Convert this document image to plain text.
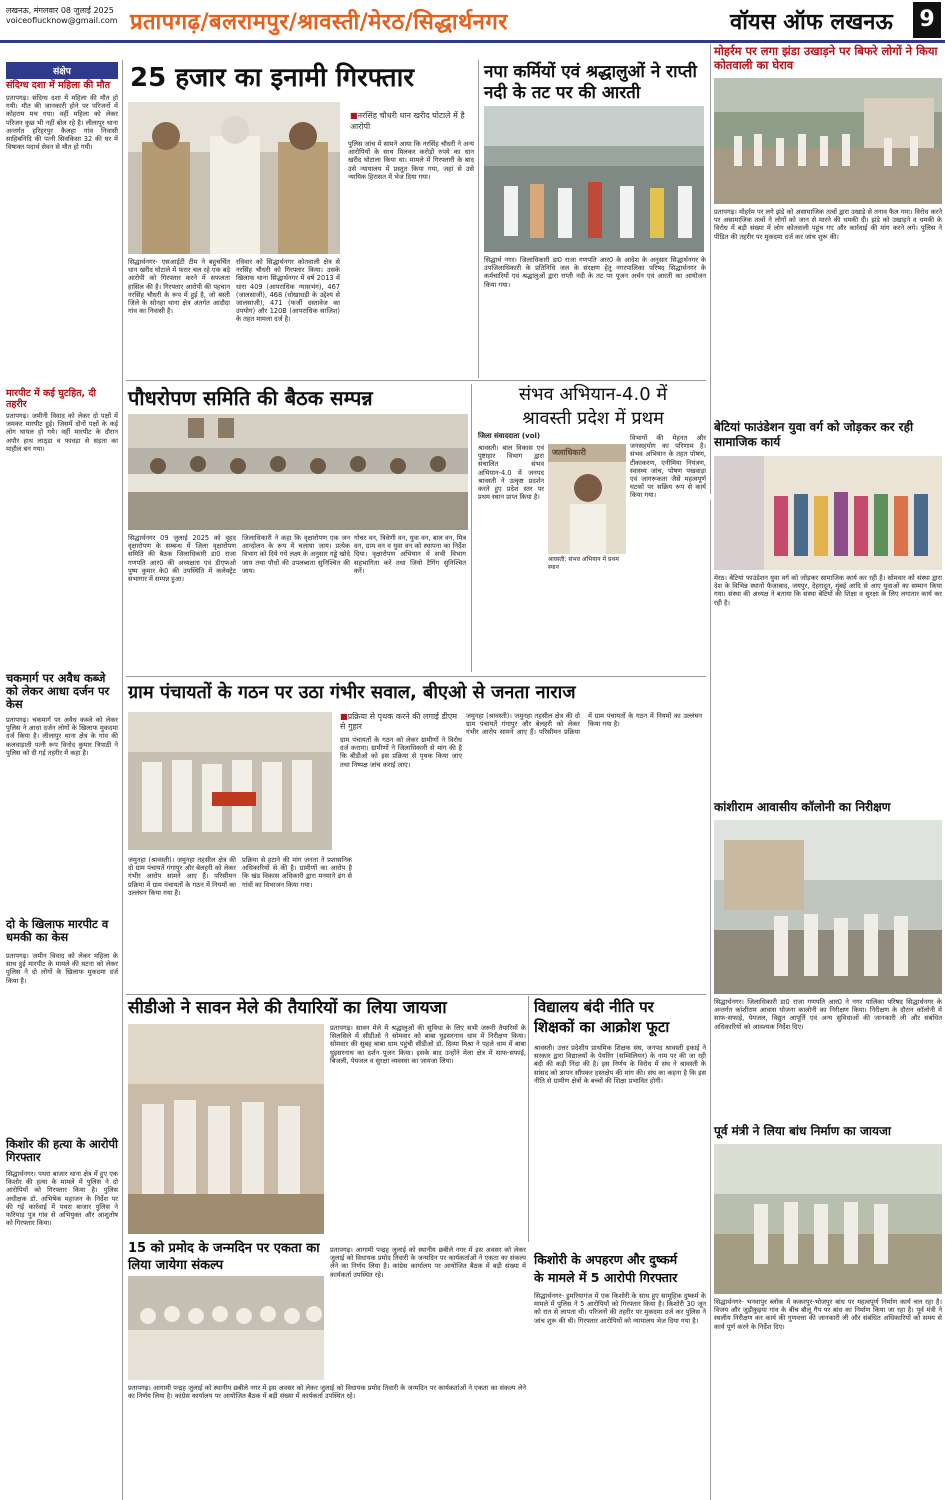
लखनऊ, मंगलवार 08 जुलाई 2025
voiceoflucknow@gmail.com प्रतापगढ़/बलरामपुर/श्रावस्ती/मेरठ/सिद्धार्थनगर	वॉयस ऑफ लखनऊ 9
संक्षेप
संदिग्ध दशा में महिला की मौत
प्रतापगढ़। संदिग्ध दशा में महिला की मौत हो गयी। मौत की जानकारी होने पर परिजनों में कोहराम मच गया। वहीं महिला को लेकर परिजन कुछ भी नहीं बोल रहे है। लीलापुर थाना अन्तर्गत हरिहरपुर कैलहा गांव निवासी साहिबनिदि की पत्नी सिवकिसा 32 की घर में विषाक्त पदार्थ सेवन से मौत हो गयी।
मारपीट में कई घुटहित, दी तहरीर
प्रतापगढ़। जमीनी विवाद को लेकर दो पक्षों में जमकर मारपीट हुई। जिसमें दोनों पक्षों के कई लोग घायल हो गये। वहीं मारपीट के दौरान अपौर हाथ लाठ्डा व फावड़ा से सड़ता का माहौल बन गया।
चकमार्ग पर अवैध कब्जे को लेकर आधा दर्जन पर केस
प्रतापगढ़। चकमार्ग पर अवैध कब्जे को लेकर पुलिस ने आधा दर्जन लोगों के खिलाफ मुकदमा दर्ज किया है। लीलापुर थाना क्षेत्र के गांव की कलवाड़ाती पत्नी रूप विनोद कुमार त्रिपाठी ने पुलिस को दी गई तहरीर में कहा है।
दो के खिलाफ मारपीट व धमकी का केस
प्रतापगढ़। जमीन विवाद को लेकर महिला के साथ हुई मारपीट के मामले की घटना को लेकर पुलिस ने दो लोगों के खिलाफ मुकदमा दर्ज किया है।
किशोर की हत्या के आरोपी गिरफ्तार
सिद्धार्थनगर। पथरा बाजार थाना क्षेत्र में हुए एक किशोर की हत्या के मामले में पुलिस ने दो आरोपियों को गिरफ्तार किया है। पुलिस अधीक्षक डॉ. अभिषेक महाजन के निर्देश पर की गई कार्रवाई में पथरा बाजार पुलिस ने फरियाड़ पुत्र गांव से अभियुक्त और आशुतोष को गिरफ्तार किया।
25 हजार का इनामी गिरफ्तार
■ नरसिंह चौधरी धान खरीद घोटाले में है आरोपी
सिद्धार्थनगर- एसआईटी टीम ने बहुचर्चित धान खरीद घोटाले में फरार चल रहे एक बड़े आरोपी को गिरफ्तार करने में सफलता हासिल की है। गिरफ्तार आरोपी की पहचान नरसिंह चौधरी के रूप में हुई है, जो बस्ती जिले के सोनहा थाना क्षेत्र अंतर्गत आदौदा गांव का निवासी है।
रविवार को सिद्धार्थनगर कोतवाली क्षेत्र से नरसिंह चौधरी को गिरफ्तार किया। उसके खिलाफ थाना सिद्धार्थनगर में वर्ष 2013 में धारा 409 (आपराधिक न्यासभंग), 467 (जालसाजी), 468 (धोखाधड़ी के उद्देश्य से जालसाजी), 471 (फर्जी दस्तावेज का उपयोग) और 120B (आपराधिक साजिश) के तहत मामला दर्ज है।
पुलिस जांच में सामने आया कि नरसिंह चौधरी ने अन्य आरोपियों के साथ मिलकर करोड़ों रुपये का धान खरीद घोटाला किया था। मामले में गिरफ्तारी के बाद उसे न्यायालय में प्रस्तुत किया गया, जहां से उसे न्यायिक हिरासत में भेज दिया गया।
नपा कर्मियों एवं श्रद्धालुओं ने राप्ती नदी के तट पर की आरती
सिद्धार्थ नगर। जिलाधिकारी डा0 राजा गणपति आर0 के आदेश के अनुसार सिद्धार्थनगर के उपजिलाधिकारी के प्रतिनिधि जल के संरक्षण हेतु नगरपालिका परिषद सिद्धार्थनगर के कर्मचारियों एवं श्रद्धालुओं द्वारा राप्ती नदी के तट पर पूजन अर्चन एवं आरती का आयोजन किया गया।
मोहर्रम पर लगा झंडा उखाड़ने पर बिफरे लोगों ने किया कोतवाली का घेराव
प्रतापगढ़। मोहर्रम पर लगे झंडे को असामाजिक तत्वों द्वारा उखाड़े से तनाव फैल गया। विरोध करने पर असामाजिक तत्वों ने लोगों को जान से मारने की धमकी दी। झंडे को उखाड़ने व धमकी के विरोध में बड़ी संख्या में लोग कोतवाली पहुंच गए और कार्रवाई की मांग करने लगे। पुलिस ने पीड़ित की तहरीर पर मुकदमा दर्ज कर जांच शुरू की।
पौधरोपण समिति की बैठक सम्पन्न
सिद्धार्थनगर 09 जुलाई 2025 को वृहद वृक्षारोपण के सम्बन्ध में जिला वृक्षारोपण समिति की बैठक जिलाधिकारी डा0 राजा गणपति आर0 की अध्यक्षता एवं डीएफओ पुष्प कुमार के0 की उपस्थिति में कलेक्ट्रेट सभागार में सम्पन्न हुआ।
जिलाधिकारी ने कहा कि वृक्षारोपण एक जन आन्दोलन के रूप में चलाया जाय। प्रत्येक विभाग को दिये गये लक्ष्य के अनुसार गड्ढे खोदे जाय तथा पौधों की उपलब्धता सुनिश्चित की जाय।
गोचर वन, त्रिवेणी वन, युवा वन, बाल वन, मित्र वन, ग्राम वन व युवा वन को स्थापना का निर्देश दिया। वृक्षारोपण अभियान में सभी विभाग सहभागिता करें तथा जियो टैगिंग सुनिश्चित करें।
संभव अभियान-4.0 में
श्रावस्ती प्रदेश में प्रथम
जिला संवाददाता (vol)
श्रावस्ती। बाल विकास एवं पुष्टाहार विभाग द्वारा संचालित संभव अभियान-4.0 में जनपद श्रावस्ती ने उत्कृष्ट प्रदर्शन करते हुए प्रदेश स्तर पर प्रथम स्थान प्राप्त किया है।
जलाधिकारी
श्रावस्ती: संभव अभियान में प्रथम स्थान
विभागों की मेहनत और जनसहयोग का परिणाम है। संभव अभियान के तहत पोषण, टीकाकरण, एनीमिया नियंत्रण, स्वास्थ्य जांच, पोषण पखवाड़ा एवं जागरूकता जैसे महत्वपूर्ण घटकों पर सक्रिय रूप से कार्य किया गया।
बेटियां फाउंडेशन युवा वर्ग को जोड़कर कर रही सामाजिक कार्य
मेरठ। बेटियां फाउंडेशन युवा वर्ग को जोड़कर सामाजिक कार्य कर रही है। सोमवार को संस्था द्वारा देश के विभिन्न स्थानों फैजाबाद, जयपुर, देहरादून, मुंबई आदि से आए युवाओं का सम्मान किया गया। संस्था की अध्यक्ष ने बताया कि संस्था बेटियों की शिक्षा व सुरक्षा के लिए लगातार कार्य कर रही है।
ग्राम पंचायतों के गठन पर उठा गंभीर सवाल, बीएओ से जनता नाराज
■ प्रक्रिया से पृथक करने की लगाई डीएम से गुहार
ग्राम पंचायतों के गठन को लेकर ग्रामीणों ने विरोध दर्ज कराया। ग्रामीणों ने जिलाधिकारी से मांग की है कि बीडीओ को इस प्रक्रिया से पृथक किया जाए तथा निष्पक्ष जांच कराई जाए।
जमुनहा (श्रावस्ती)। जमुनहा तहसील क्षेत्र की दो ग्राम पंचायतें गंगापुर और बेलहरी को लेकर गंभीर आरोप सामने आए हैं। परिसीमन प्रक्रिया में ग्राम पंचायतों के गठन में नियमों का उल्लंघन किया गया है।
प्रक्रिया से हटाने की मांग जनता ने प्रशासनिक अधिकारियों से की है। ग्रामीणों का आरोप है कि खंड विकास अधिकारी द्वारा मनमाने ढंग से गांवों का विभाजन किया गया।
जमुनहा (श्रावस्ती)। जमुनहा तहसील क्षेत्र की दो ग्राम पंचायतें गंगापुर और बेलहरी को लेकर गंभीर आरोप सामने आए हैं। परिसीमन प्रक्रिया में ग्राम पंचायतों के गठन में नियमों का उल्लंघन किया गया है।
कांशीराम आवासीय कॉलोनी का निरीक्षण
सिद्धार्थनगर। जिलाधिकारी डा0 राजा गणपति आर0 ने नगर पालिका परिषद सिद्धार्थनगर के अन्तर्गत कांशीराम आवास योजना कालोनी का निरीक्षण किया। निरीक्षण के दौरान कॉलोनी में साफ-सफाई, पेयजल, विद्युत आपूर्ति एवं अन्य सुविधाओं की जानकारी ली और संबंधित अधिकारियों को आवश्यक निर्देश दिए।
सीडीओ ने सावन मेले की तैयारियों का लिया जायजा
प्रतापगढ़। सावन मेले में श्रद्धालुओं की सुविधा के लिए सभी जरूरी तैयारियों के सिलसिले में सीडीओ ने सोमवार को बाबा घुइसरनाथ धाम में निरीक्षण किया। सोमवार की सुबह बाबा धाम पहुंची सीडीओ डॉ. दिव्या मिश्रा ने पहले धाम में बाबा घुइसरनाथ का दर्शन पूजन किया। इसके बाद उन्होंने मेला क्षेत्र में साफ-सफाई, बिजली, पेयजल व सुरक्षा व्यवस्था का जायजा लिया।
विद्यालय बंदी नीति पर
शिक्षकों का आक्रोश फूटा
श्रावस्ती। उत्तर प्रदेशीय प्राथमिक शिक्षक संघ, जनपद श्रावस्ती इकाई ने सरकार द्वारा विद्यालयों के पेयरिंग (सम्विलियन) के नाम पर की जा रही बंदी की कड़ी निंदा की है। इस निर्णय के विरोध में संघ ने श्रावस्ती के सांसद को ज्ञापन सौंपकर हस्तक्षेप की मांग की। संघ का कहना है कि इस नीति से ग्रामीण क्षेत्रों के बच्चों की शिक्षा प्रभावित होगी।
पूर्व मंत्री ने लिया बांध निर्माण का जायजा
सिद्धार्थनगर- भनवापुर ब्लॉक में ककरपुर-भोजपुर बांध पर महत्वपूर्ण निर्माण कार्य चल रहा है। विजय और जुड़ीकुइया गांव के बीच बौलू गैप पर बांध का निर्माण किया जा रहा है। पूर्व मंत्री ने स्थलीय निरीक्षण कर कार्य की गुणवत्ता की जानकारी ली और संबंधित अधिकारियों को समय से कार्य पूर्ण करने के निर्देश दिए।
15 को प्रमोद के जन्मदिन पर एकता का लिया जायेगा संकल्प
प्रतापगढ़। आगामी पन्द्रह जुलाई को स्थानीय छबीले नगर में इस अवसर को लेकर जुलाई को विधायक प्रमोद तिवारी के जन्मदिन पर कार्यकर्ताओं ने एकता का संकल्प लेने का निर्णय लिया है। कांग्रेस कार्यालय पर आयोजित बैठक में बड़ी संख्या में कार्यकर्ता उपस्थित रहे।
प्रतापगढ़। आगामी पन्द्रह जुलाई को स्थानीय छबीले नगर में इस अवसर को लेकर जुलाई को विधायक प्रमोद तिवारी के जन्मदिन पर कार्यकर्ताओं ने एकता का संकल्प लेने का निर्णय लिया है। कांग्रेस कार्यालय पर आयोजित बैठक में बड़ी संख्या में कार्यकर्ता उपस्थित रहे।
किशोरी के अपहरण और दुष्कर्म
के मामले में 5 आरोपी गिरफ्तार
सिद्धार्थनगर- डुमरियागंज में एक किशोरी के साथ हुए सामूहिक दुष्कर्म के मामले में पुलिस ने 5 आरोपियों को गिरफ्तार किया है। किशोरी 30 जून को रात से लापता थी। परिजनों की तहरीर पर मुकदमा दर्ज कर पुलिस ने जांच शुरू की थी। गिरफ्तार आरोपियों को न्यायालय भेज दिया गया है।
